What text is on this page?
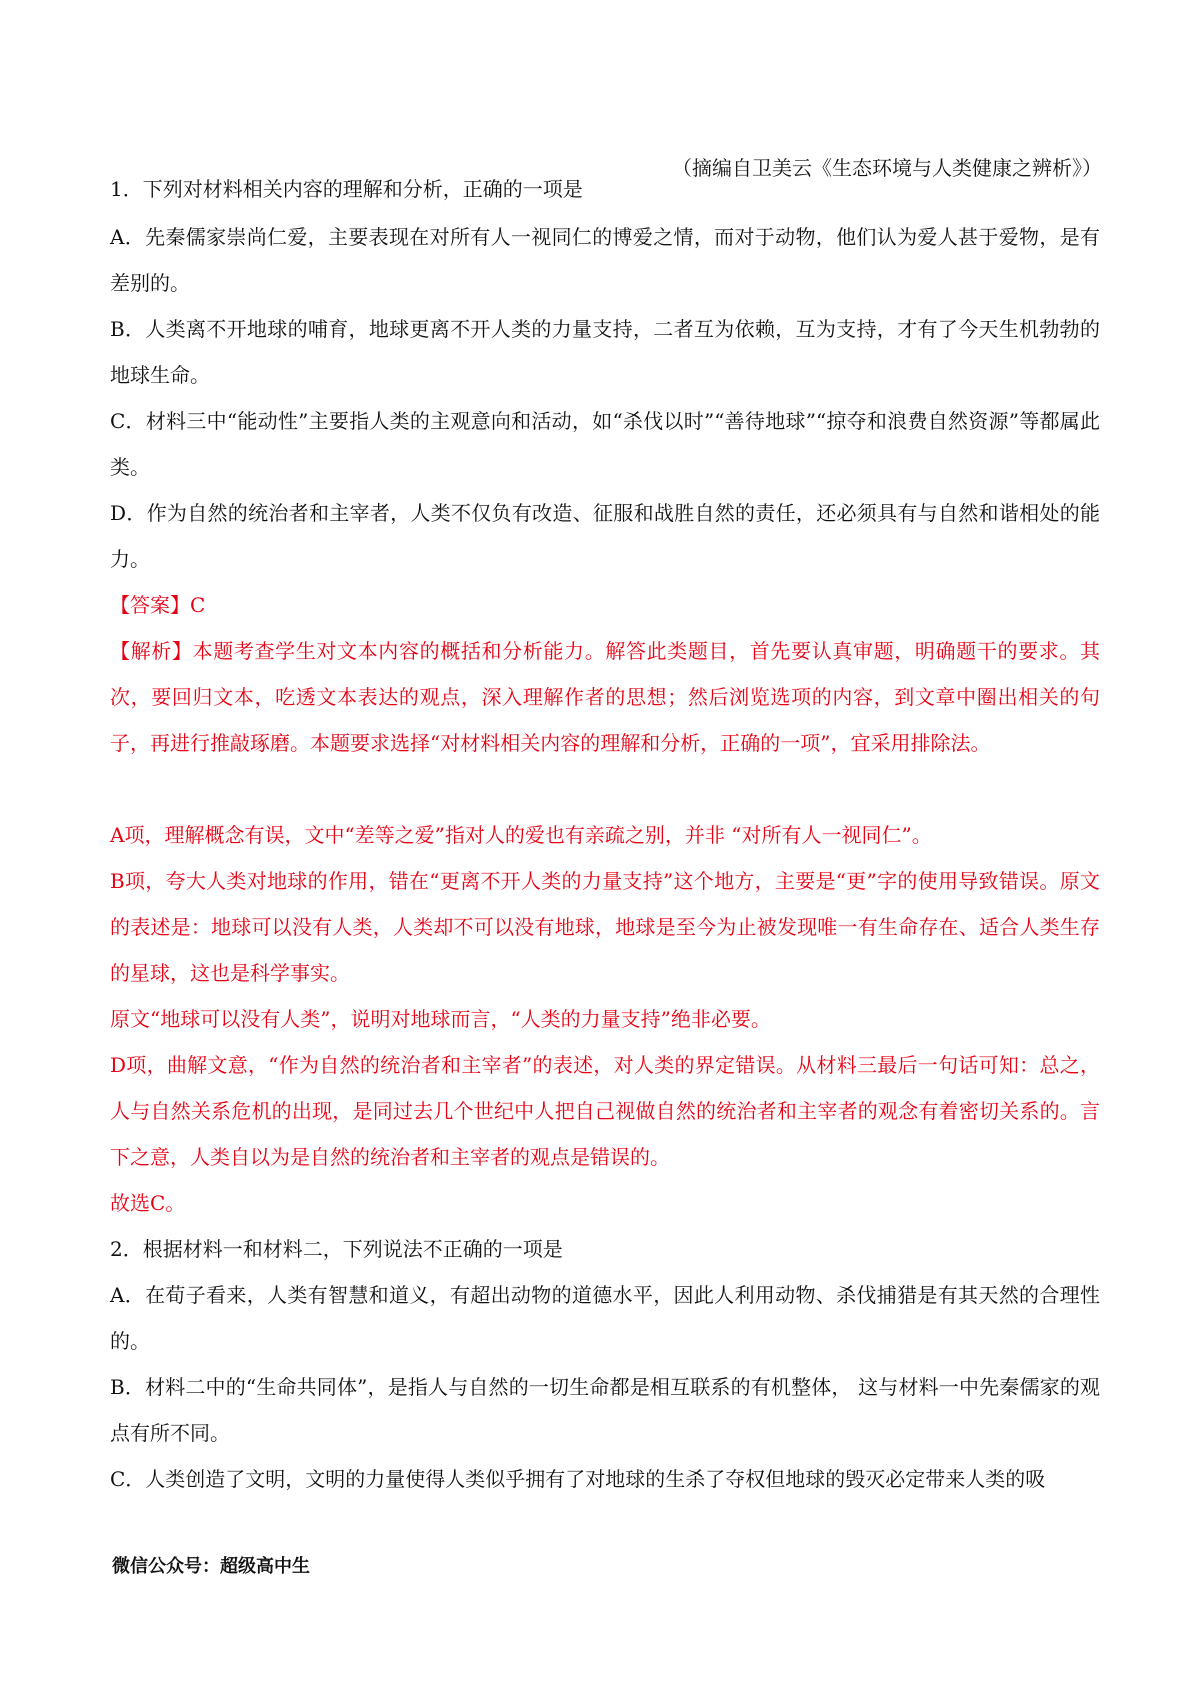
（摘编自卫美云《生态环境与人类健康之辨析》）
1．下列对材料相关内容的理解和分析，正确的一项是
A．先秦儒家崇尚仁爱，主要表现在对所有人一视同仁的博爱之情，而对于动物，他们认为爱人甚于爱物，是有差别的。
B．人类离不开地球的哺育，地球更离不开人类的力量支持，二者互为依赖，互为支持，才有了今天生机勃勃的地球生命。
C．材料三中“能动性”主要指人类的主观意向和活动，如“杀伐以时”“善待地球”“掠夺和浪费自然资源”等都属此类。
D．作为自然的统治者和主宰者，人类不仅负有改造、征服和战胜自然的责任，还必须具有与自然和谐相处的能力。
【答案】C
【解析】本题考查学生对文本内容的概括和分析能力。解答此类题目，首先要认真审题，明确题干的要求。其次，要回归文本，吃透文本表达的观点，深入理解作者的思想；然后浏览选项的内容，到文章中圈出相关的句子，再进行推敲琢磨。本题要求选择“对材料相关内容的理解和分析，正确的一项”，宜采用排除法。
A项，理解概念有误，文中“差等之爱”指对人的爱也有亲疏之别，并非 “对所有人一视同仁”。
B项，夸大人类对地球的作用，错在“更离不开人类的力量支持”这个地方，主要是“更”字的使用导致错误。原文的表述是：地球可以没有人类，人类却不可以没有地球，地球是至今为止被发现唯一有生命存在、适合人类生存的星球，这也是科学事实。
原文“地球可以没有人类”，说明对地球而言，“人类的力量支持”绝非必要。
D项，曲解文意，“作为自然的统治者和主宰者”的表述，对人类的界定错误。从材料三最后一句话可知：总之，人与自然关系危机的出现，是同过去几个世纪中人把自己视做自然的统治者和主宰者的观念有着密切关系的。言下之意，人类自以为是自然的统治者和主宰者的观点是错误的。
故选C。
2．根据材料一和材料二，下列说法不正确的一项是
A．在荀子看来，人类有智慧和道义，有超出动物的道德水平，因此人利用动物、杀伐捕猎是有其天然的合理性的。
B．材料二中的“生命共同体”，是指人与自然的一切生命都是相互联系的有机整体， 这与材料一中先秦儒家的观点有所不同。
C．人类创造了文明，文明的力量使得人类似乎拥有了对地球的生杀了夺权但地球的毁灭必定带来人类的吸
微信公众号：超级高中生
